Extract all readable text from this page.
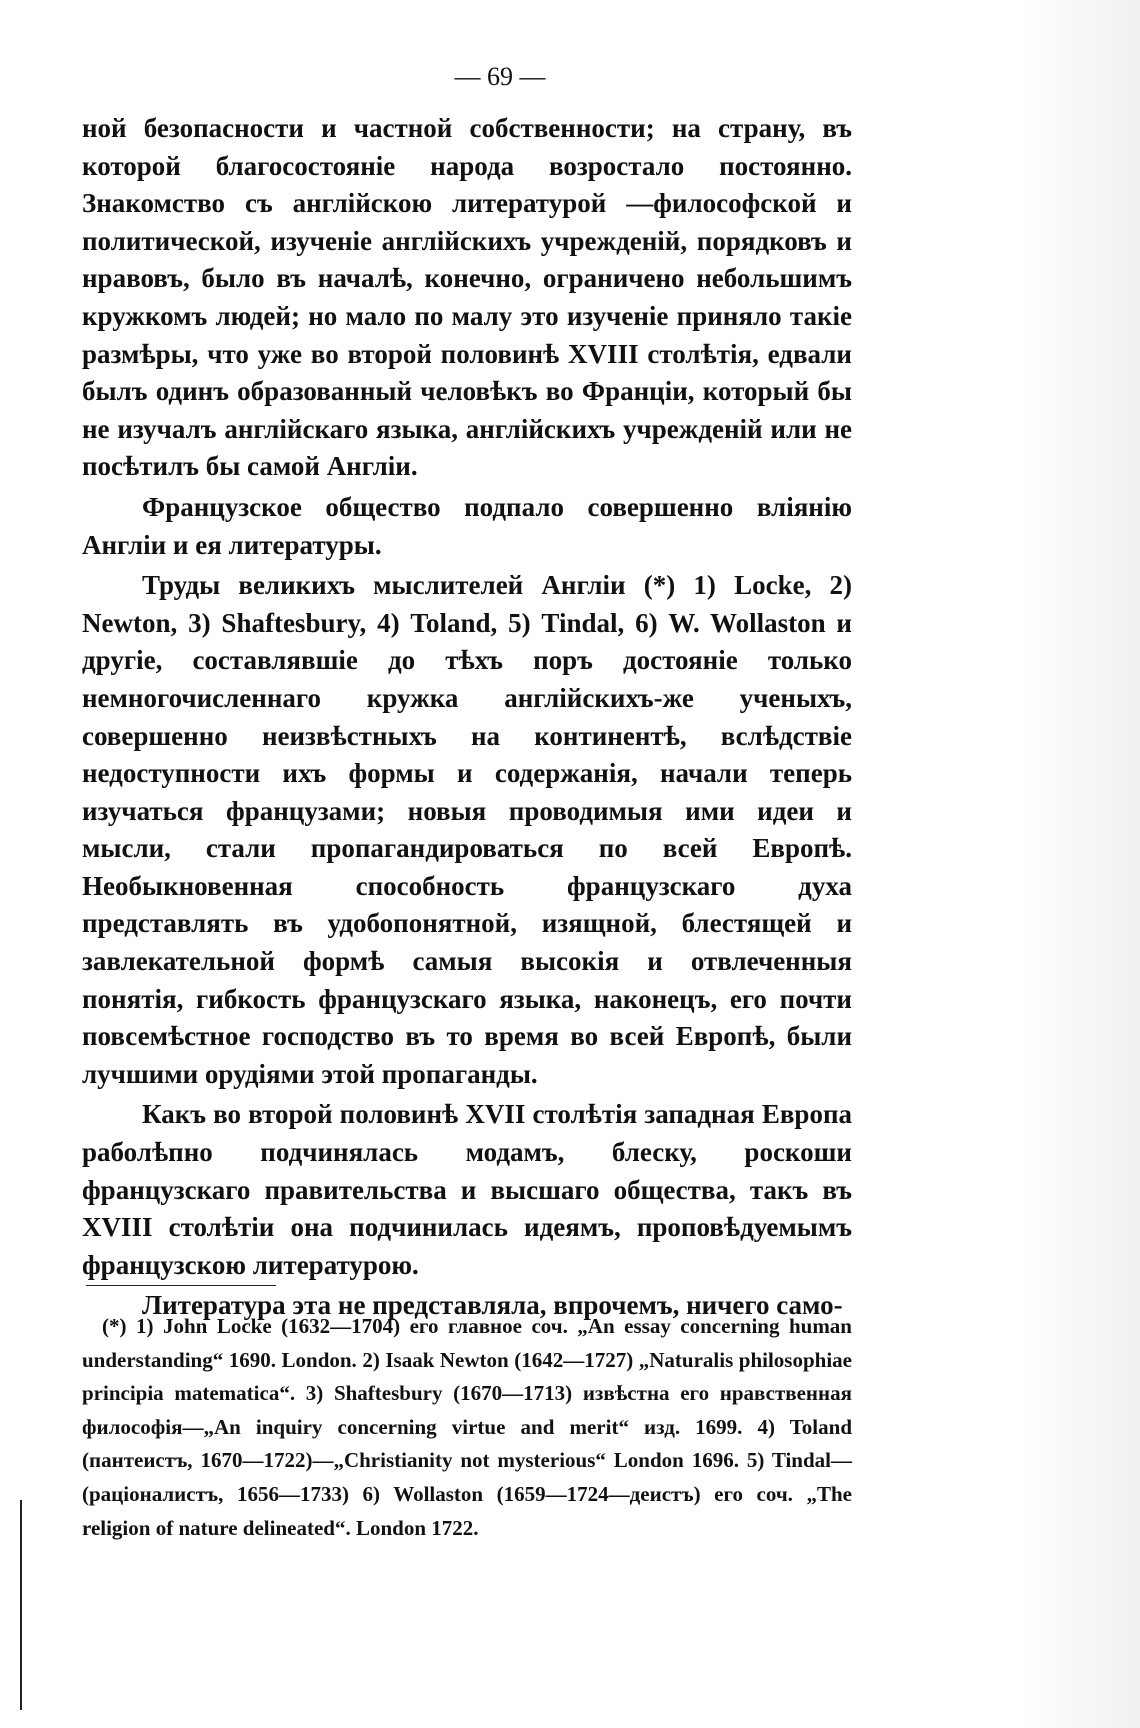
— 69 —

ной безопасности и частной собственности; на страну, въ которой благосостояніе народа возростало постоянно. Знакомство съ англійскою литературой —философской и политической, изученіе англійскихъ учрежденій, порядковъ и нравовъ, было въ началѣ, конечно, ограничено небольшимъ кружкомъ людей; но мало по малу это изученіе приняло такіе размѣры, что уже во второй половинѣ XVIII столѣтія, едвали былъ одинъ образованный человѣкъ во Франціи, который бы не изучалъ англійскаго языка, англійскихъ учрежденій или не посѣтилъ бы самой Англіи.

Французское общество подпало совершенно вліянію Англіи и ея литературы.

Труды великихъ мыслителей Англіи (*) 1) Locke, 2) Newton, 3) Shaftesbury, 4) Toland, 5) Tindal, 6) W. Wollaston и другіе, составлявшіе до тѣхъ поръ достояніе только немногочисленнаго кружка англійскихъ-же ученыхъ, совершенно неизвѣстныхъ на континентѣ, вслѣдствіе недоступности ихъ формы и содержанія, начали теперь изучаться французами; новыя проводимыя ими идеи и мысли, стали пропагандироваться по всей Европѣ. Необыкновенная способность французскаго духа представлять въ удобопонятной, изящной, блестящей и завлекательной формѣ самыя высокія и отвлеченныя понятія, гибкость французскаго языка, наконецъ, его почти повсемѣстное господство въ то время во всей Европѣ, были лучшими орудіями этой пропаганды.

Какъ во второй половинѣ XVII столѣтія западная Европа раболѣпно подчинялась модамъ, блеску, роскоши французскаго правительства и высшаго общества, такъ въ XVIII столѣтіи она подчинилась идеямъ, проповѣдуемымъ французскою литературою.

Литература эта не представляла, впрочемъ, ничего само-

(*) 1) John Locke (1632—1704) его главное соч. „An essay concerning human understanding“ 1690. London. 2) Isaak Newton (1642—1727) „Naturalis philosophiae principia matematica“. 3) Shaftesbury (1670—1713) извѣстна его нравственная философія—„An inquiry concerning virtue and merit“ изд. 1699. 4) Toland (пантеистъ, 1670—1722)—„Christianity not mysterious“ London 1696. 5) Tindal—(раціоналистъ, 1656—1733) 6) Wollaston (1659—1724—деистъ) его соч. „The religion of nature delineated“. London 1722.
